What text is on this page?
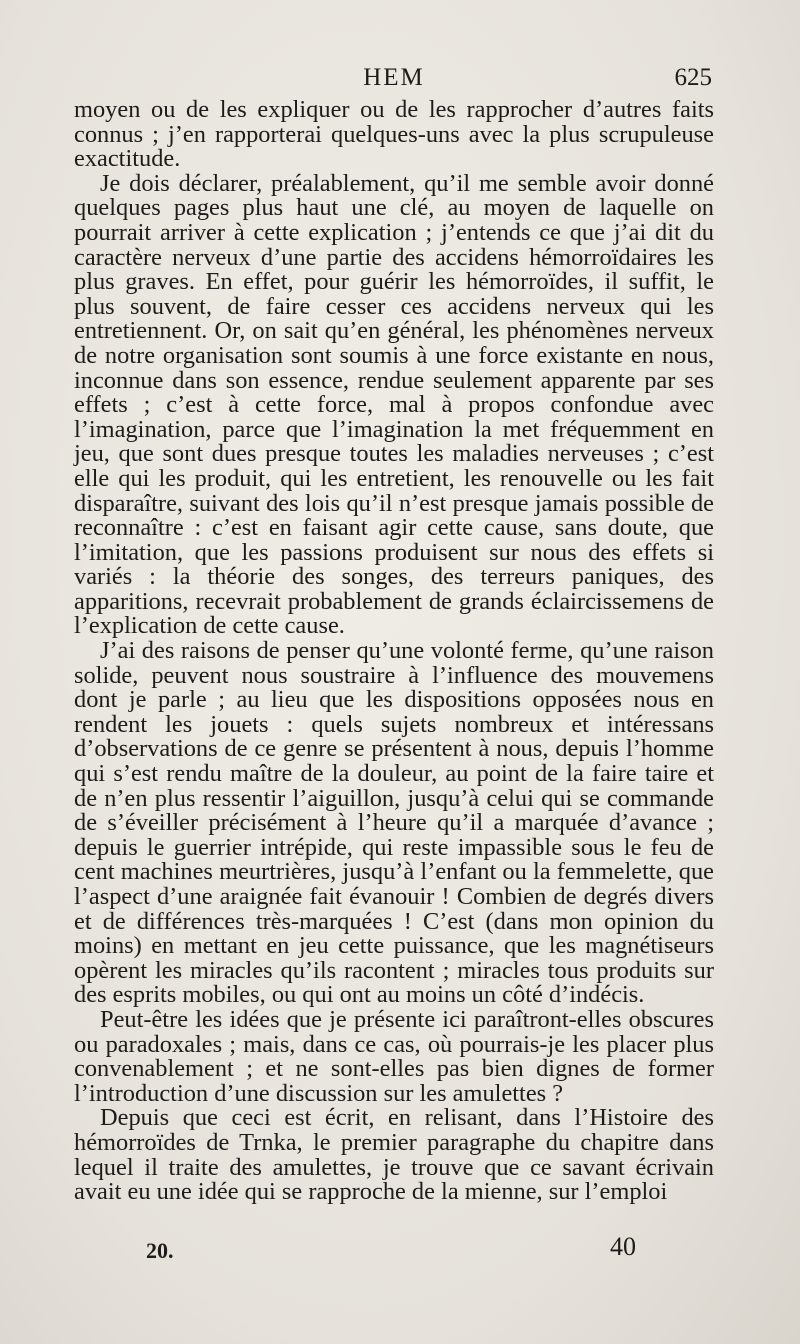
HEM	625

moyen ou de les expliquer ou de les rapprocher d’autres faits connus ; j’en rapporterai quelques-uns avec la plus scrupuleuse exactitude.

Je dois déclarer, préalablement, qu’il me semble avoir donné quelques pages plus haut une clé, au moyen de laquelle on pourrait arriver à cette explication ; j’entends ce que j’ai dit du caractère nerveux d’une partie des accidens hémorroïdaires les plus graves. En effet, pour guérir les hémorroïdes, il suffit, le plus souvent, de faire cesser ces accidens nerveux qui les entretiennent. Or, on sait qu’en général, les phénomènes nerveux de notre organisation sont soumis à une force existante en nous, inconnue dans son essence, rendue seulement apparente par ses effets ; c’est à cette force, mal à propos confondue avec l’imagination, parce que l’imagination la met fréquemment en jeu, que sont dues presque toutes les maladies nerveuses ; c’est elle qui les produit, qui les entretient, les renouvelle ou les fait disparaître, suivant des lois qu’il n’est presque jamais possible de reconnaître : c’est en faisant agir cette cause, sans doute, que l’imitation, que les passions produisent sur nous des effets si variés : la théorie des songes, des terreurs paniques, des apparitions, recevrait probablement de grands éclaircissemens de l’explication de cette cause.

J’ai des raisons de penser qu’une volonté ferme, qu’une raison solide, peuvent nous soustraire à l’influence des mouvemens dont je parle ; au lieu que les dispositions opposées nous en rendent les jouets : quels sujets nombreux et intéressans d’observations de ce genre se présentent à nous, depuis l’homme qui s’est rendu maître de la douleur, au point de la faire taire et de n’en plus ressentir l’aiguillon, jusqu’à celui qui se commande de s’éveiller précisément à l’heure qu’il a marquée d’avance ; depuis le guerrier intrépide, qui reste impassible sous le feu de cent machines meurtrières, jusqu’à l’enfant ou la femmelette, que l’aspect d’une araignée fait évanouir ! Combien de degrés divers et de différences très-marquées ! C’est (dans mon opinion du moins) en mettant en jeu cette puissance, que les magnétiseurs opèrent les miracles qu’ils racontent ; miracles tous produits sur des esprits mobiles, ou qui ont au moins un côté d’indécis.

Peut-être les idées que je présente ici paraîtront-elles obscures ou paradoxales ; mais, dans ce cas, où pourrais-je les placer plus convenablement ; et ne sont-elles pas bien dignes de former l’introduction d’une discussion sur les amulettes ?

Depuis que ceci est écrit, en relisant, dans l’Histoire des hémorroïdes de Trnka, le premier paragraphe du chapitre dans lequel il traite des amulettes, je trouve que ce savant écrivain avait eu une idée qui se rapproche de la mienne, sur l’emploi

20.	40
